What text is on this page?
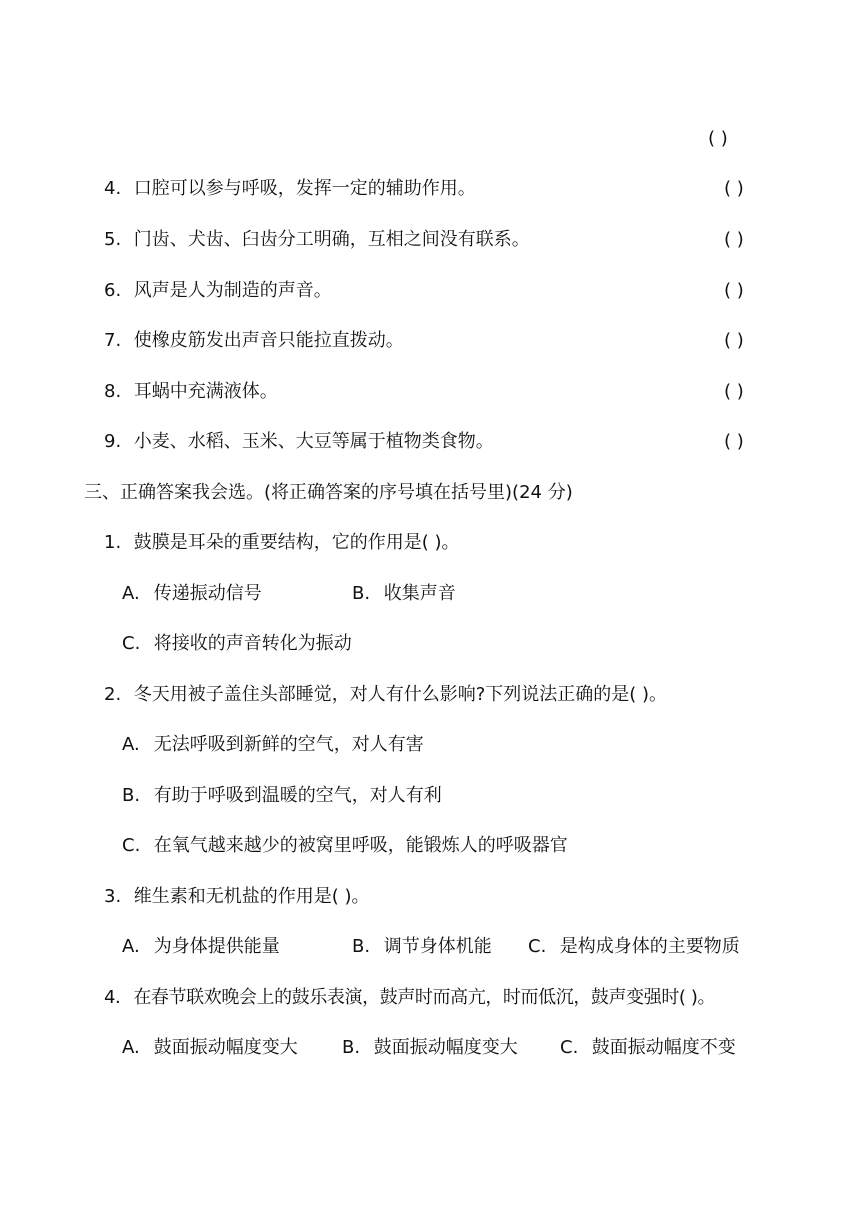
( )
4. 口腔可以参与呼吸，发挥一定的辅助作用。	( )
5. 门齿、犬齿、臼齿分工明确，互相之间没有联系。	( )
6. 风声是人为制造的声音。	( )
7. 使橡皮筋发出声音只能拉直拨动。	( )
8. 耳蜗中充满液体。	( )
9. 小麦、水稻、玉米、大豆等属于植物类食物。	( )
三、正确答案我会选。(将正确答案的序号填在括号里)(24 分)
1. 鼓膜是耳朵的重要结构，它的作用是( )。
A. 传递振动信号	B. 收集声音
C. 将接收的声音转化为振动
2. 冬天用被子盖住头部睡觉，对人有什么影响?下列说法正确的是( )。
A. 无法呼吸到新鲜的空气，对人有害
B. 有助于呼吸到温暖的空气，对人有利
C. 在氧气越来越少的被窝里呼吸，能锻炼人的呼吸器官
3. 维生素和无机盐的作用是( )。
A. 为身体提供能量	B. 调节身体机能 C. 是构成身体的主要物质
4. 在春节联欢晚会上的鼓乐表演，鼓声时而高亢，时而低沉，鼓声变强时( )。
A. 鼓面振动幅度变大 B. 鼓面振动幅度变大 C. 鼓面振动幅度不变
